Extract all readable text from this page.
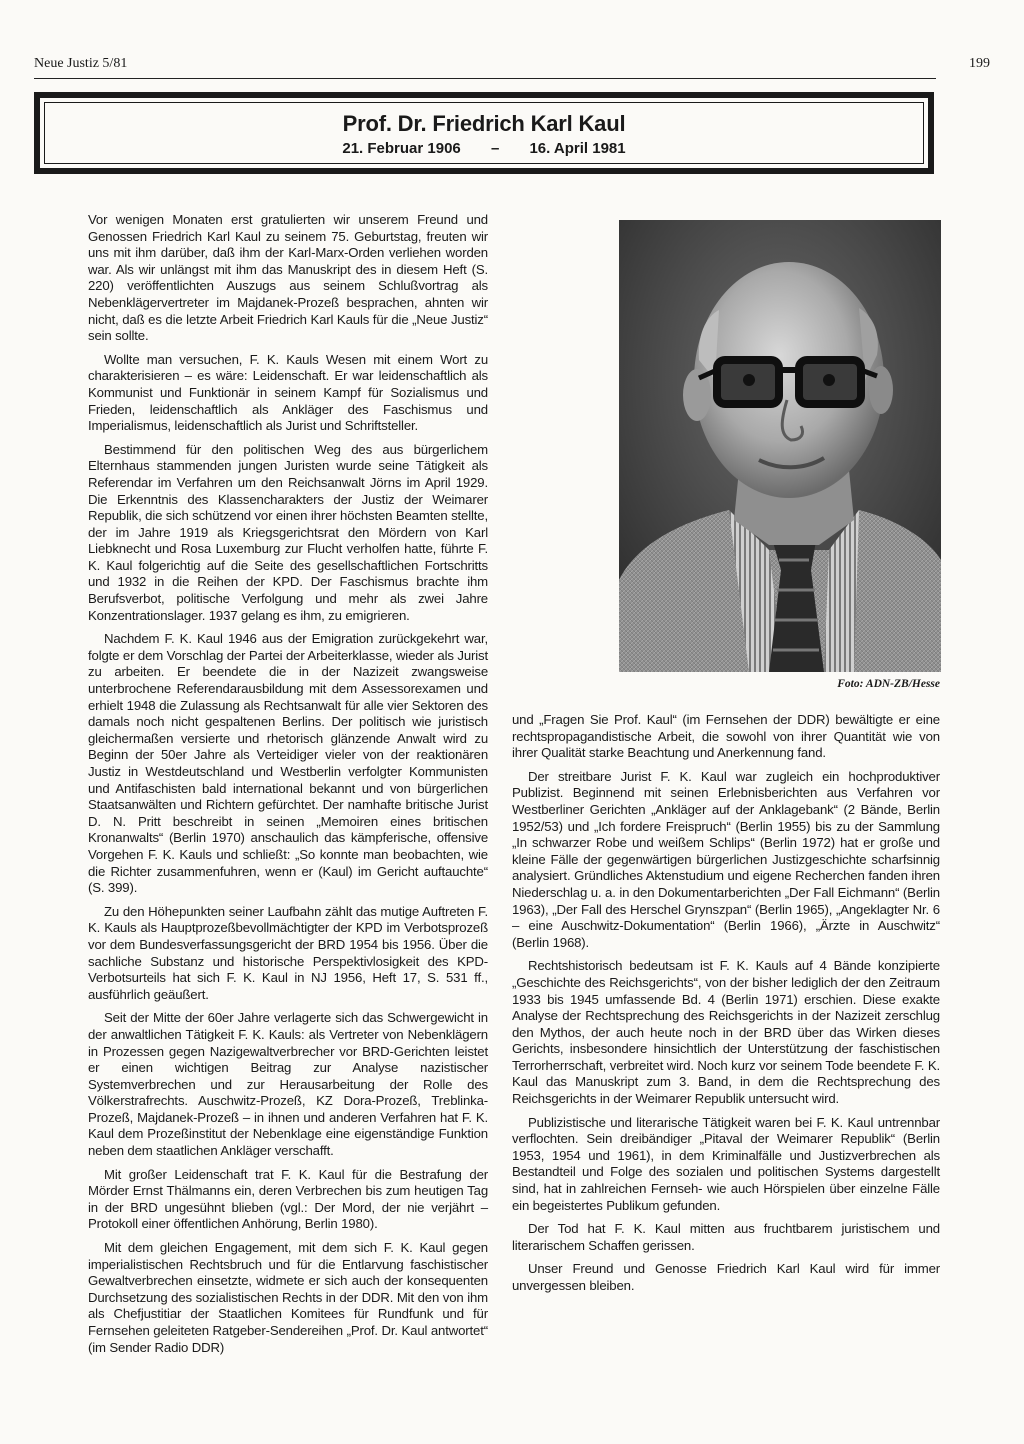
Neue Justiz 5/81	199
Prof. Dr. Friedrich Karl Kaul
21. Februar 1906 – 16. April 1981
Foto: ADN-ZB/Hesse

Vor wenigen Monaten erst gratulierten wir unserem Freund und Genossen Friedrich Karl Kaul zu seinem 75. Geburtstag, freuten wir uns mit ihm darüber, daß ihm der Karl-Marx-Orden verliehen worden war. Als wir unlängst mit ihm das Manuskript des in diesem Heft (S. 220) veröffentlichten Auszugs aus seinem Schlußvortrag als Nebenklägervertreter im Majdanek-Prozeß besprachen, ahnten wir nicht, daß es die letzte Arbeit Friedrich Karl Kauls für die „Neue Justiz“ sein sollte.

Wollte man versuchen, F. K. Kauls Wesen mit einem Wort zu charakterisieren – es wäre: Leidenschaft. Er war leidenschaftlich als Kommunist und Funktionär in seinem Kampf für Sozialismus und Frieden, leidenschaftlich als Ankläger des Faschismus und Imperialismus, leidenschaftlich als Jurist und Schriftsteller.

Bestimmend für den politischen Weg des aus bürgerlichem Elternhaus stammenden jungen Juristen wurde seine Tätigkeit als Referendar im Verfahren um den Reichsanwalt Jörns im April 1929. Die Erkenntnis des Klassencharakters der Justiz der Weimarer Republik, die sich schützend vor einen ihrer höchsten Beamten stellte, der im Jahre 1919 als Kriegsgerichtsrat den Mördern von Karl Liebknecht und Rosa Luxemburg zur Flucht verholfen hatte, führte F. K. Kaul folgerichtig auf die Seite des gesellschaftlichen Fortschritts und 1932 in die Reihen der KPD. Der Faschismus brachte ihm Berufsverbot, politische Verfolgung und mehr als zwei Jahre Konzentrationslager. 1937 gelang es ihm, zu emigrieren.

Nachdem F. K. Kaul 1946 aus der Emigration zurückgekehrt war, folgte er dem Vorschlag der Partei der Arbeiterklasse, wieder als Jurist zu arbeiten. Er beendete die in der Nazizeit zwangsweise unterbrochene Referendarausbildung mit dem Assessorexamen und erhielt 1948 die Zulassung als Rechtsanwalt für alle vier Sektoren des damals noch nicht gespaltenen Berlins. Der politisch wie juristisch gleichermaßen versierte und rhetorisch glänzende Anwalt wird zu Beginn der 50er Jahre als Verteidiger vieler von der reaktionären Justiz in Westdeutschland und Westberlin verfolgter Kommunisten und Antifaschisten bald international bekannt und von bürgerlichen Staatsanwälten und Richtern gefürchtet. Der namhafte britische Jurist D. N. Pritt beschreibt in seinen „Memoiren eines britischen Kronanwalts“ (Berlin 1970) anschaulich das kämpferische, offensive Vorgehen F. K. Kauls und schließt: „So konnte man beobachten, wie die Richter zusammenfuhren, wenn er (Kaul) im Gericht auftauchte“ (S. 399).

Zu den Höhepunkten seiner Laufbahn zählt das mutige Auftreten F. K. Kauls als Hauptprozeßbevollmächtigter der KPD im Verbotsprozeß vor dem Bundesverfassungsgericht der BRD 1954 bis 1956. Über die sachliche Substanz und historische Perspektivlosigkeit des KPD-Verbotsurteils hat sich F. K. Kaul in NJ 1956, Heft 17, S. 531 ff., ausführlich geäußert.

Seit der Mitte der 60er Jahre verlagerte sich das Schwergewicht in der anwaltlichen Tätigkeit F. K. Kauls: als Vertreter von Nebenklägern in Prozessen gegen Nazigewaltverbrecher vor BRD-Gerichten leistet er einen wichtigen Beitrag zur Analyse nazistischer Systemverbrechen und zur Herausarbeitung der Rolle des Völkerstrafrechts. Auschwitz-Prozeß, KZ Dora-Prozeß, Treblinka-Prozeß, Majdanek-Prozeß – in ihnen und anderen Verfahren hat F. K. Kaul dem Prozeßinstitut der Nebenklage eine eigenständige Funktion neben dem staatlichen Ankläger verschafft.

Mit großer Leidenschaft trat F. K. Kaul für die Bestrafung der Mörder Ernst Thälmanns ein, deren Verbrechen bis zum heutigen Tag in der BRD ungesühnt blieben (vgl.: Der Mord, der nie verjährt – Protokoll einer öffentlichen Anhörung, Berlin 1980).

Mit dem gleichen Engagement, mit dem sich F. K. Kaul gegen imperialistischen Rechtsbruch und für die Entlarvung faschistischer Gewaltverbrechen einsetzte, widmete er sich auch der konsequenten Durchsetzung des sozialistischen Rechts in der DDR. Mit den von ihm als Chefjustitiar der Staatlichen Komitees für Rundfunk und für Fernsehen geleiteten Ratgeber-Sendereihen „Prof. Dr. Kaul antwortet“ (im Sender Radio DDR)

und „Fragen Sie Prof. Kaul“ (im Fernsehen der DDR) bewältigte er eine rechtspropagandistische Arbeit, die sowohl von ihrer Quantität wie von ihrer Qualität starke Beachtung und Anerkennung fand.

Der streitbare Jurist F. K. Kaul war zugleich ein hochproduktiver Publizist. Beginnend mit seinen Erlebnisberichten aus Verfahren vor Westberliner Gerichten „Ankläger auf der Anklagebank“ (2 Bände, Berlin 1952/53) und „Ich fordere Freispruch“ (Berlin 1955) bis zu der Sammlung „In schwarzer Robe und weißem Schlips“ (Berlin 1972) hat er große und kleine Fälle der gegenwärtigen bürgerlichen Justizgeschichte scharfsinnig analysiert. Gründliches Aktenstudium und eigene Recherchen fanden ihren Niederschlag u. a. in den Dokumentarberichten „Der Fall Eichmann“ (Berlin 1963), „Der Fall des Herschel Grynszpan“ (Berlin 1965), „Angeklagter Nr. 6 – eine Auschwitz-Dokumentation“ (Berlin 1966), „Ärzte in Auschwitz“ (Berlin 1968).

Rechtshistorisch bedeutsam ist F. K. Kauls auf 4 Bände konzipierte „Geschichte des Reichsgerichts“, von der bisher lediglich der den Zeitraum 1933 bis 1945 umfassende Bd. 4 (Berlin 1971) erschien. Diese exakte Analyse der Rechtsprechung des Reichsgerichts in der Nazizeit zerschlug den Mythos, der auch heute noch in der BRD über das Wirken dieses Gerichts, insbesondere hinsichtlich der Unterstützung der faschistischen Terrorherrschaft, verbreitet wird. Noch kurz vor seinem Tode beendete F. K. Kaul das Manuskript zum 3. Band, in dem die Rechtsprechung des Reichsgerichts in der Weimarer Republik untersucht wird.

Publizistische und literarische Tätigkeit waren bei F. K. Kaul untrennbar verflochten. Sein dreibändiger „Pitaval der Weimarer Republik“ (Berlin 1953, 1954 und 1961), in dem Kriminalfälle und Justizverbrechen als Bestandteil und Folge des sozialen und politischen Systems dargestellt sind, hat in zahlreichen Fernseh- wie auch Hörspielen über einzelne Fälle ein begeistertes Publikum gefunden.

Der Tod hat F. K. Kaul mitten aus fruchtbarem juristischem und literarischem Schaffen gerissen.

Unser Freund und Genosse Friedrich Karl Kaul wird für immer unvergessen bleiben.
